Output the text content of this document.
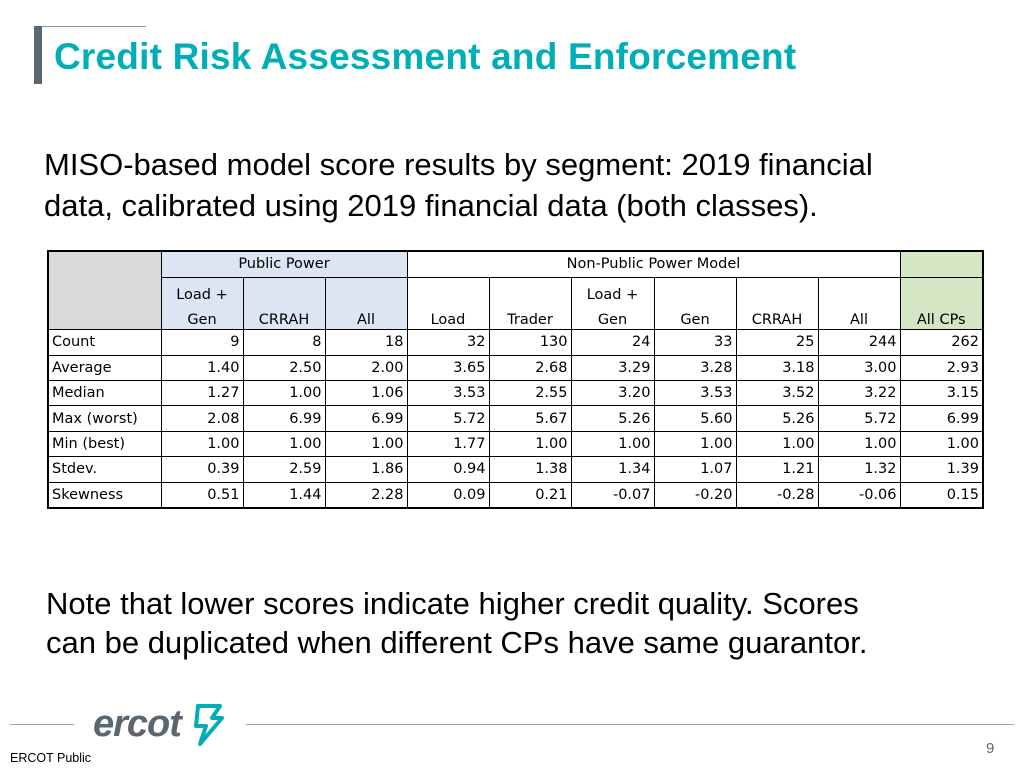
Credit Risk Assessment and Enforcement
MISO-based model score results by segment: 2019 financial
data, calibrated using 2019 financial data (both classes).
	Public Power			Non-Public Power Model						
	Load +					Load +				All CPs
	Gen	CRRAH	All	Load	Trader	Gen	Gen	CRRAH	All	
Count	9	8	18	32	130	24	33	25	244	262
Average	1.40	2.50	2.00	3.65	2.68	3.29	3.28	3.18	3.00	2.93
Median	1.27	1.00	1.06	3.53	2.55	3.20	3.53	3.52	3.22	3.15
Max (worst)	2.08	6.99	6.99	5.72	5.67	5.26	5.60	5.26	5.72	6.99
Min (best)	1.00	1.00	1.00	1.77	1.00	1.00	1.00	1.00	1.00	1.00
Stdev.	0.39	2.59	1.86	0.94	1.38	1.34	1.07	1.21	1.32	1.39
Skewness	0.51	1.44	2.28	0.09	0.21	-0.07	-0.20	-0.28	-0.06	0.15
Note that lower scores indicate higher credit quality. Scores
can be duplicated when different CPs have same guarantor.
ercot
9
ERCOT Public
